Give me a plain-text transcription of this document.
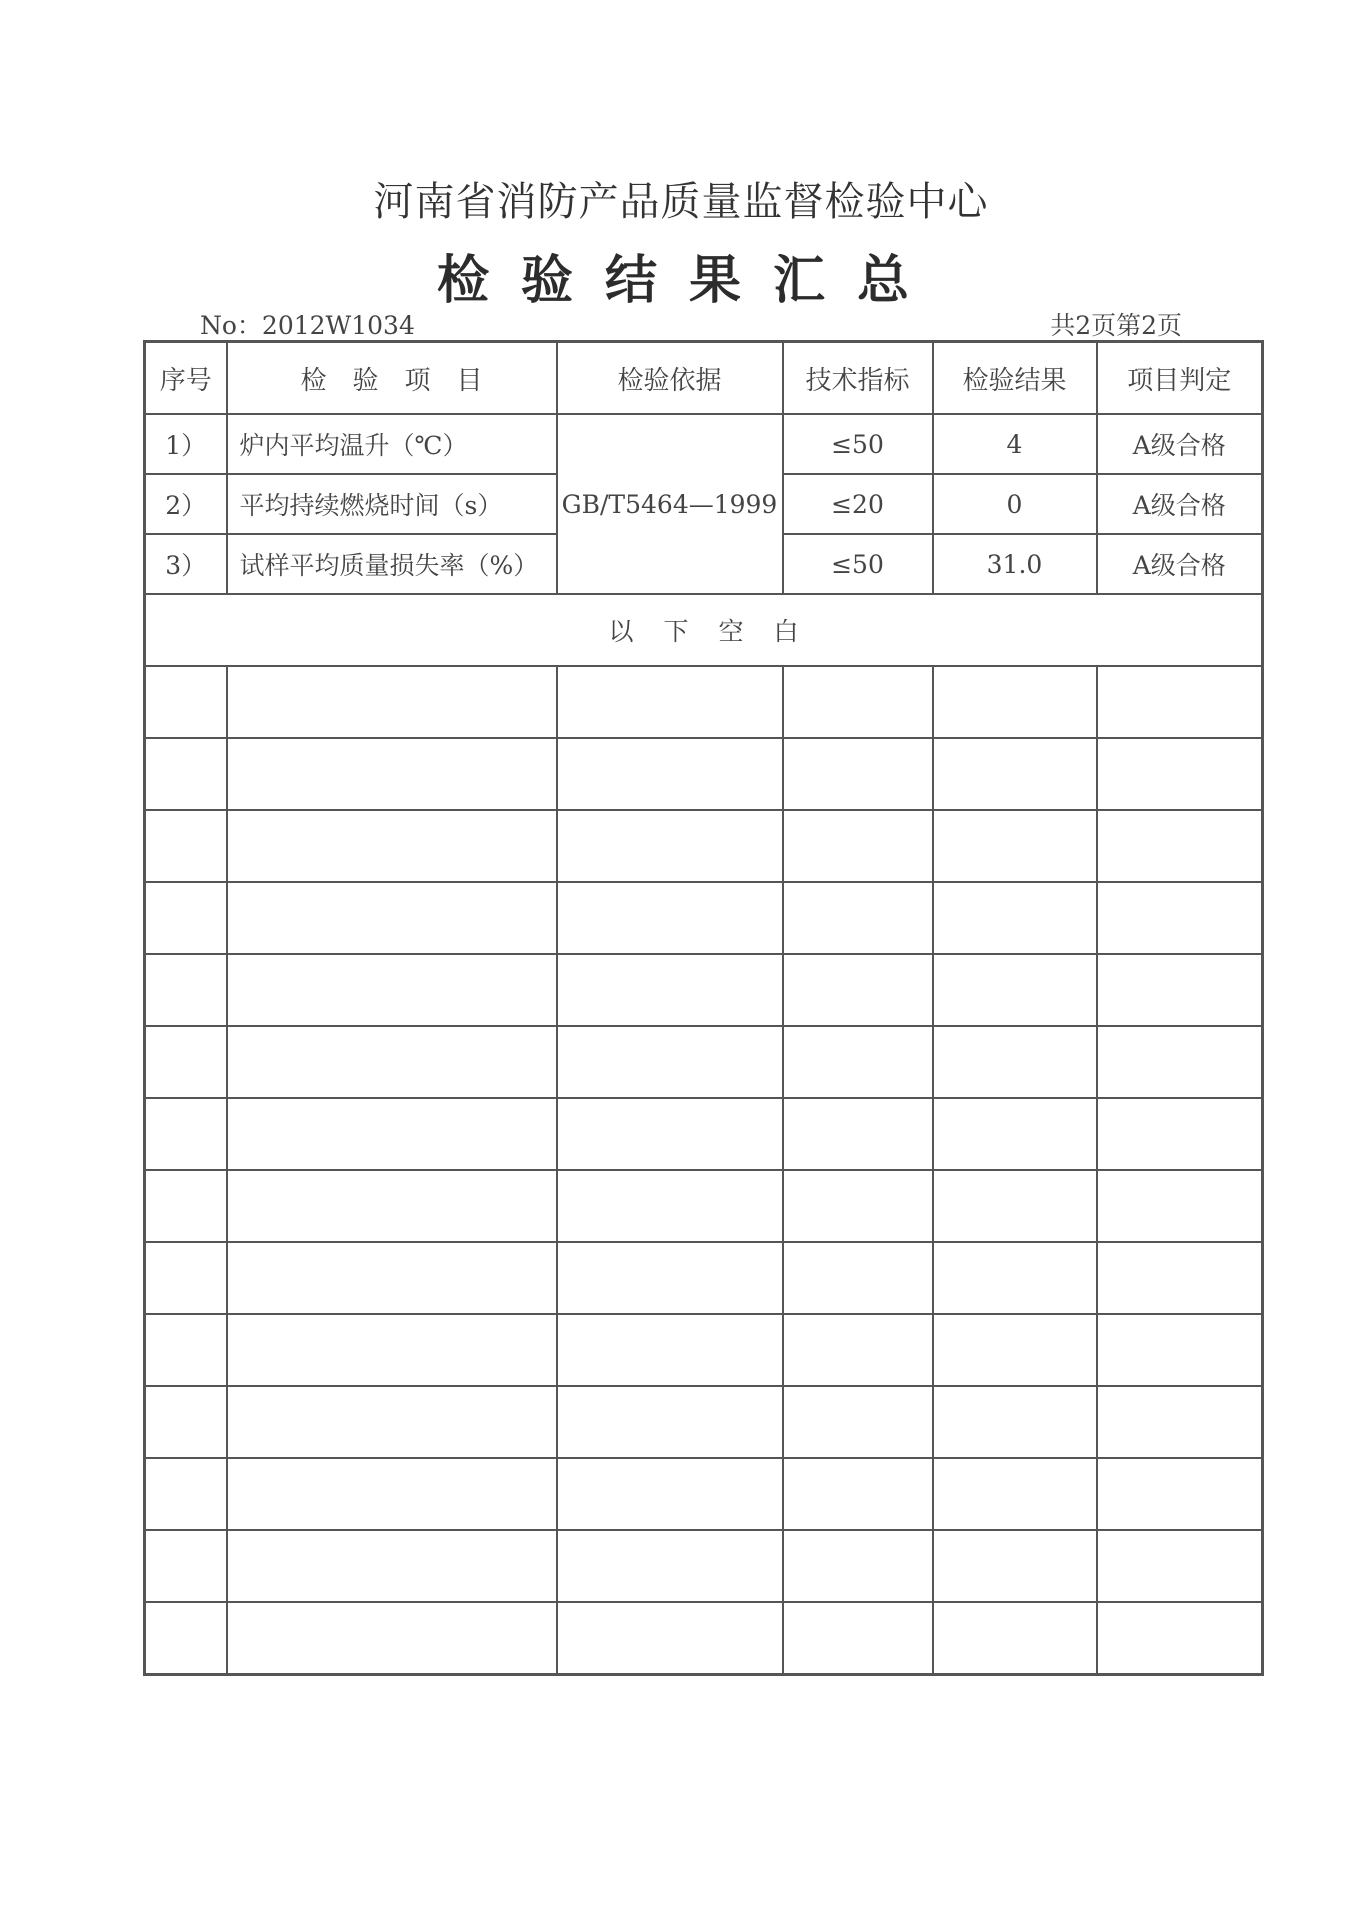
河南省消防产品质量监督检验中心
检验结果汇总
No：2012W1034	共2页第2页
序号	检　验　项　目	检验依据	技术指标	检验结果	项目判定
1）	炉内平均温升（℃）	GB/T5464—1999	≤50	4	A级合格
2）	平均持续燃烧时间（s）		≤20	0	A级合格
3）	试样平均质量损失率（%）		≤50	31.0	A级合格
以下空白					
